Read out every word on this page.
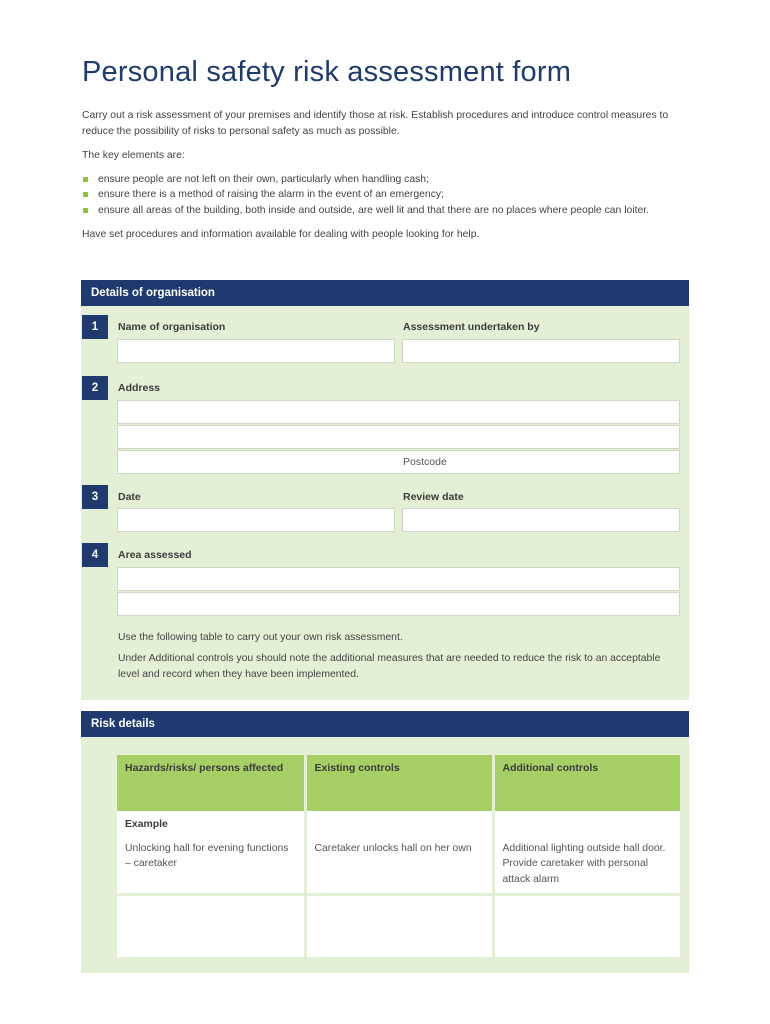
Personal safety risk assessment form

Carry out a risk assessment of your premises and identify those at risk. Establish procedures and introduce control measures to reduce the possibility of risks to personal safety as much as possible.

The key elements are:

ensure people are not left on their own, particularly when handling cash;
ensure there is a method of raising the alarm in the event of an emergency;
ensure all areas of the building, both inside and outside, are well lit and that there are no places where people can loiter.

Have set procedures and information available for dealing with people looking for help.

Details of organisation
1	Name of organisation	Assessment undertaken by
2	Address
Postcode
3	Date	Review date
4	Area assessed
Use the following table to carry out your own risk assessment.
Under Additional controls you should note the additional measures that are needed to reduce the risk to an acceptable level and record when they have been implemented.
Risk details
Hazards/risks/ persons affected	Existing controls	Additional controls

Example
Unlocking hall for evening functions – caretaker	Caretaker unlocks hall on her own	Additional lighting outside hall door. Provide caretaker with personal attack alarm
